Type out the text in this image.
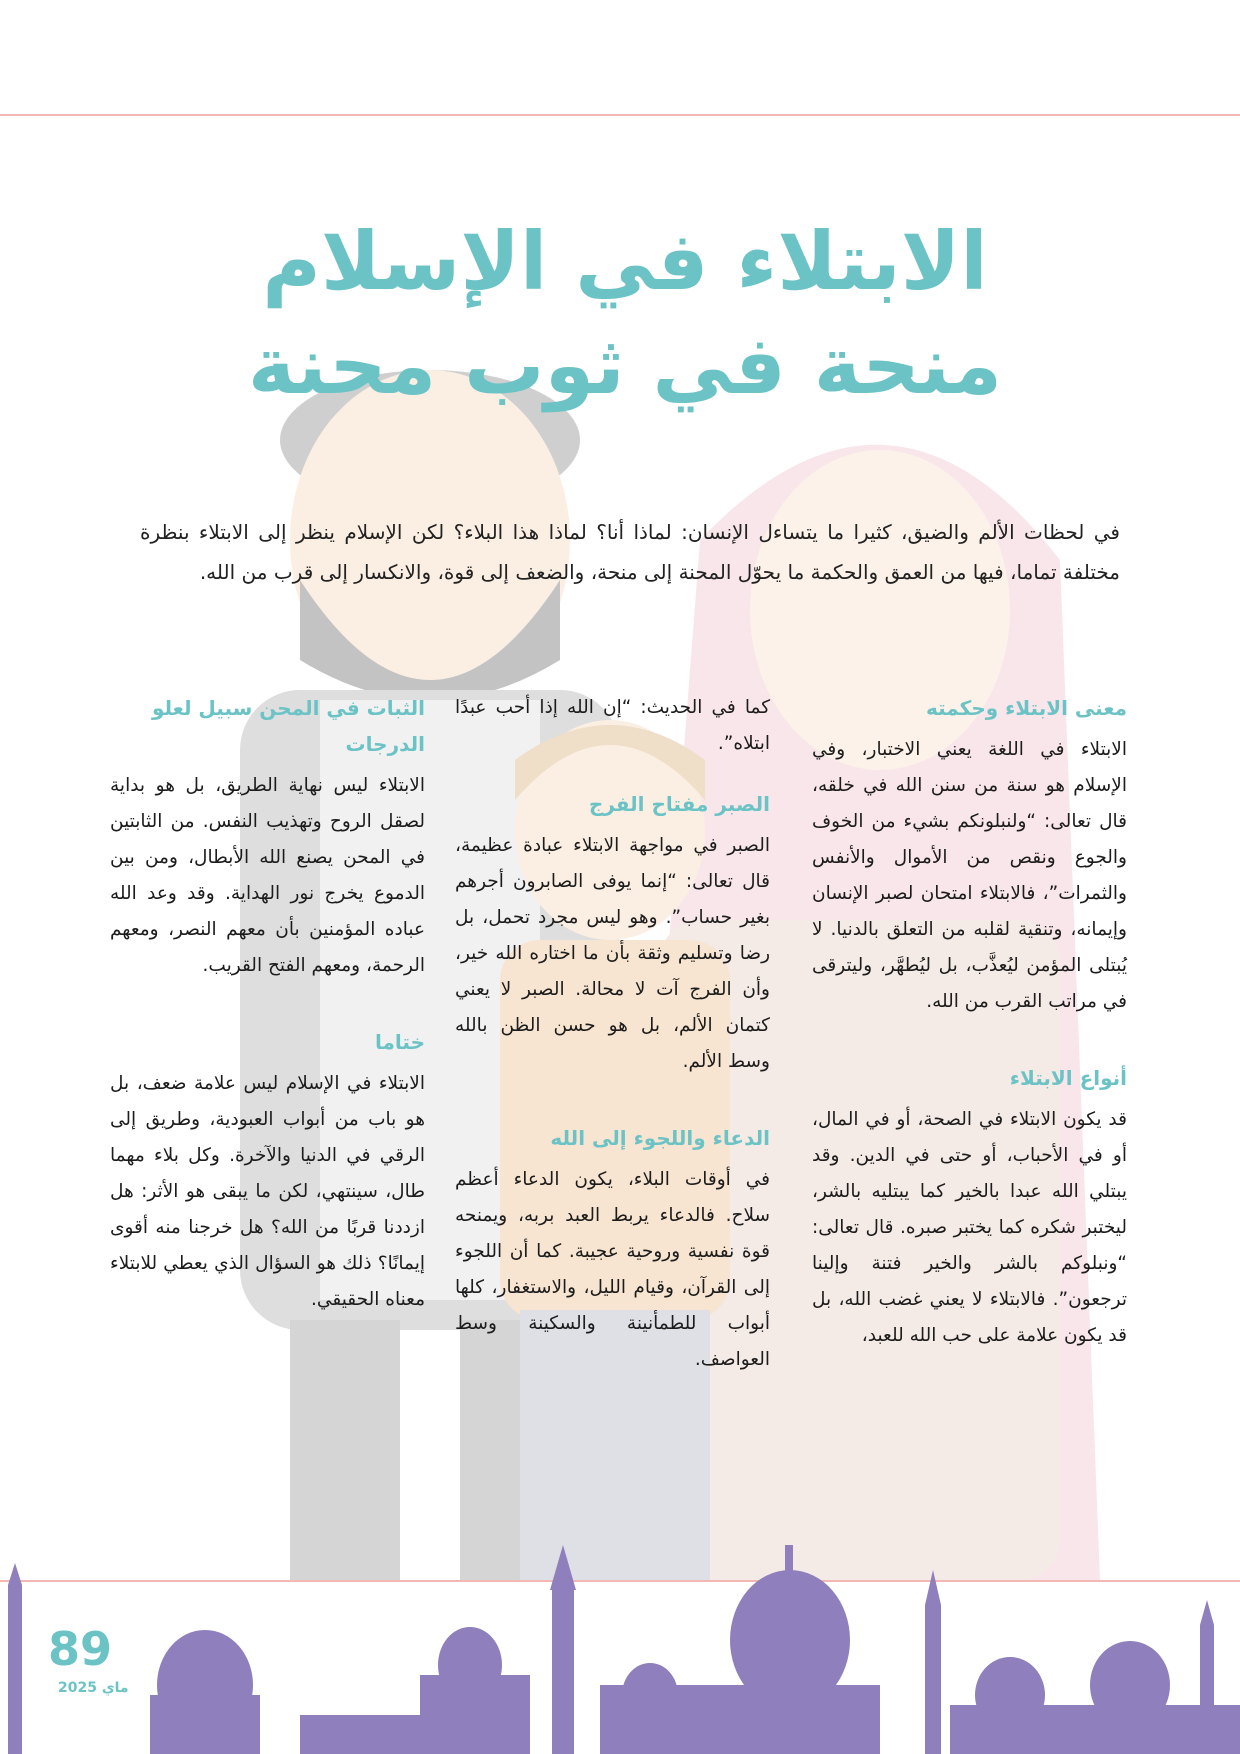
الابتلاء في الإسلام
منحة في ثوب محنة

في لحظات الألم والضيق، كثيرا ما يتساءل الإنسان: لماذا أنا؟ لماذا هذا البلاء؟ لكن الإسلام ينظر إلى الابتلاء بنظرة مختلفة تماما، فيها من العمق والحكمة ما يحوّل المحنة إلى منحة، والضعف إلى قوة، والانكسار إلى قرب من الله.

معنى الابتلاء وحكمته

الابتلاء في اللغة يعني الاختبار، وفي الإسلام هو سنة من سنن الله في خلقه، قال تعالى: “ولنبلونكم بشيء من الخوف والجوع ونقص من الأموال والأنفس والثمرات”، فالابتلاء امتحان لصبر الإنسان وإيمانه، وتنقية لقلبه من التعلق بالدنيا. لا يُبتلى المؤمن ليُعذَّب، بل ليُطهَّر، وليترقى في مراتب القرب من الله.

أنواع الابتلاء

قد يكون الابتلاء في الصحة، أو في المال، أو في الأحباب، أو حتى في الدين. وقد يبتلي الله عبدا بالخير كما يبتليه بالشر، ليختبر شكره كما يختبر صبره. قال تعالى: “ونبلوكم بالشر والخير فتنة وإلينا ترجعون”. فالابتلاء لا يعني غضب الله، بل قد يكون علامة على حب الله للعبد،

كما في الحديث: “إن الله إذا أحب عبدًا ابتلاه”.

الصبر مفتاح الفرج

الصبر في مواجهة الابتلاء عبادة عظيمة، قال تعالى: “إنما يوفى الصابرون أجرهم بغير حساب”. وهو ليس مجرد تحمل، بل رضا وتسليم وثقة بأن ما اختاره الله خير، وأن الفرج آت لا محالة. الصبر لا يعني كتمان الألم، بل هو حسن الظن بالله وسط الألم.

الدعاء واللجوء إلى الله

في أوقات البلاء، يكون الدعاء أعظم سلاح. فالدعاء يربط العبد بربه، ويمنحه قوة نفسية وروحية عجيبة. كما أن اللجوء إلى القرآن، وقيام الليل، والاستغفار، كلها أبواب للطمأنينة والسكينة وسط العواصف.

الثبات في المحن سبيل لعلو الدرجات

الابتلاء ليس نهاية الطريق، بل هو بداية لصقل الروح وتهذيب النفس. من الثابتين في المحن يصنع الله الأبطال، ومن بين الدموع يخرج نور الهداية. وقد وعد الله عباده المؤمنين بأن معهم النصر، ومعهم الرحمة، ومعهم الفتح القريب.

ختاما

الابتلاء في الإسلام ليس علامة ضعف، بل هو باب من أبواب العبودية، وطريق إلى الرقي في الدنيا والآخرة. وكل بلاء مهما طال، سينتهي، لكن ما يبقى هو الأثر: هل ازددنا قربًا من الله؟ هل خرجنا منه أقوى إيمانًا؟ ذلك هو السؤال الذي يعطي للابتلاء معناه الحقيقي.

89
ماي 2025
